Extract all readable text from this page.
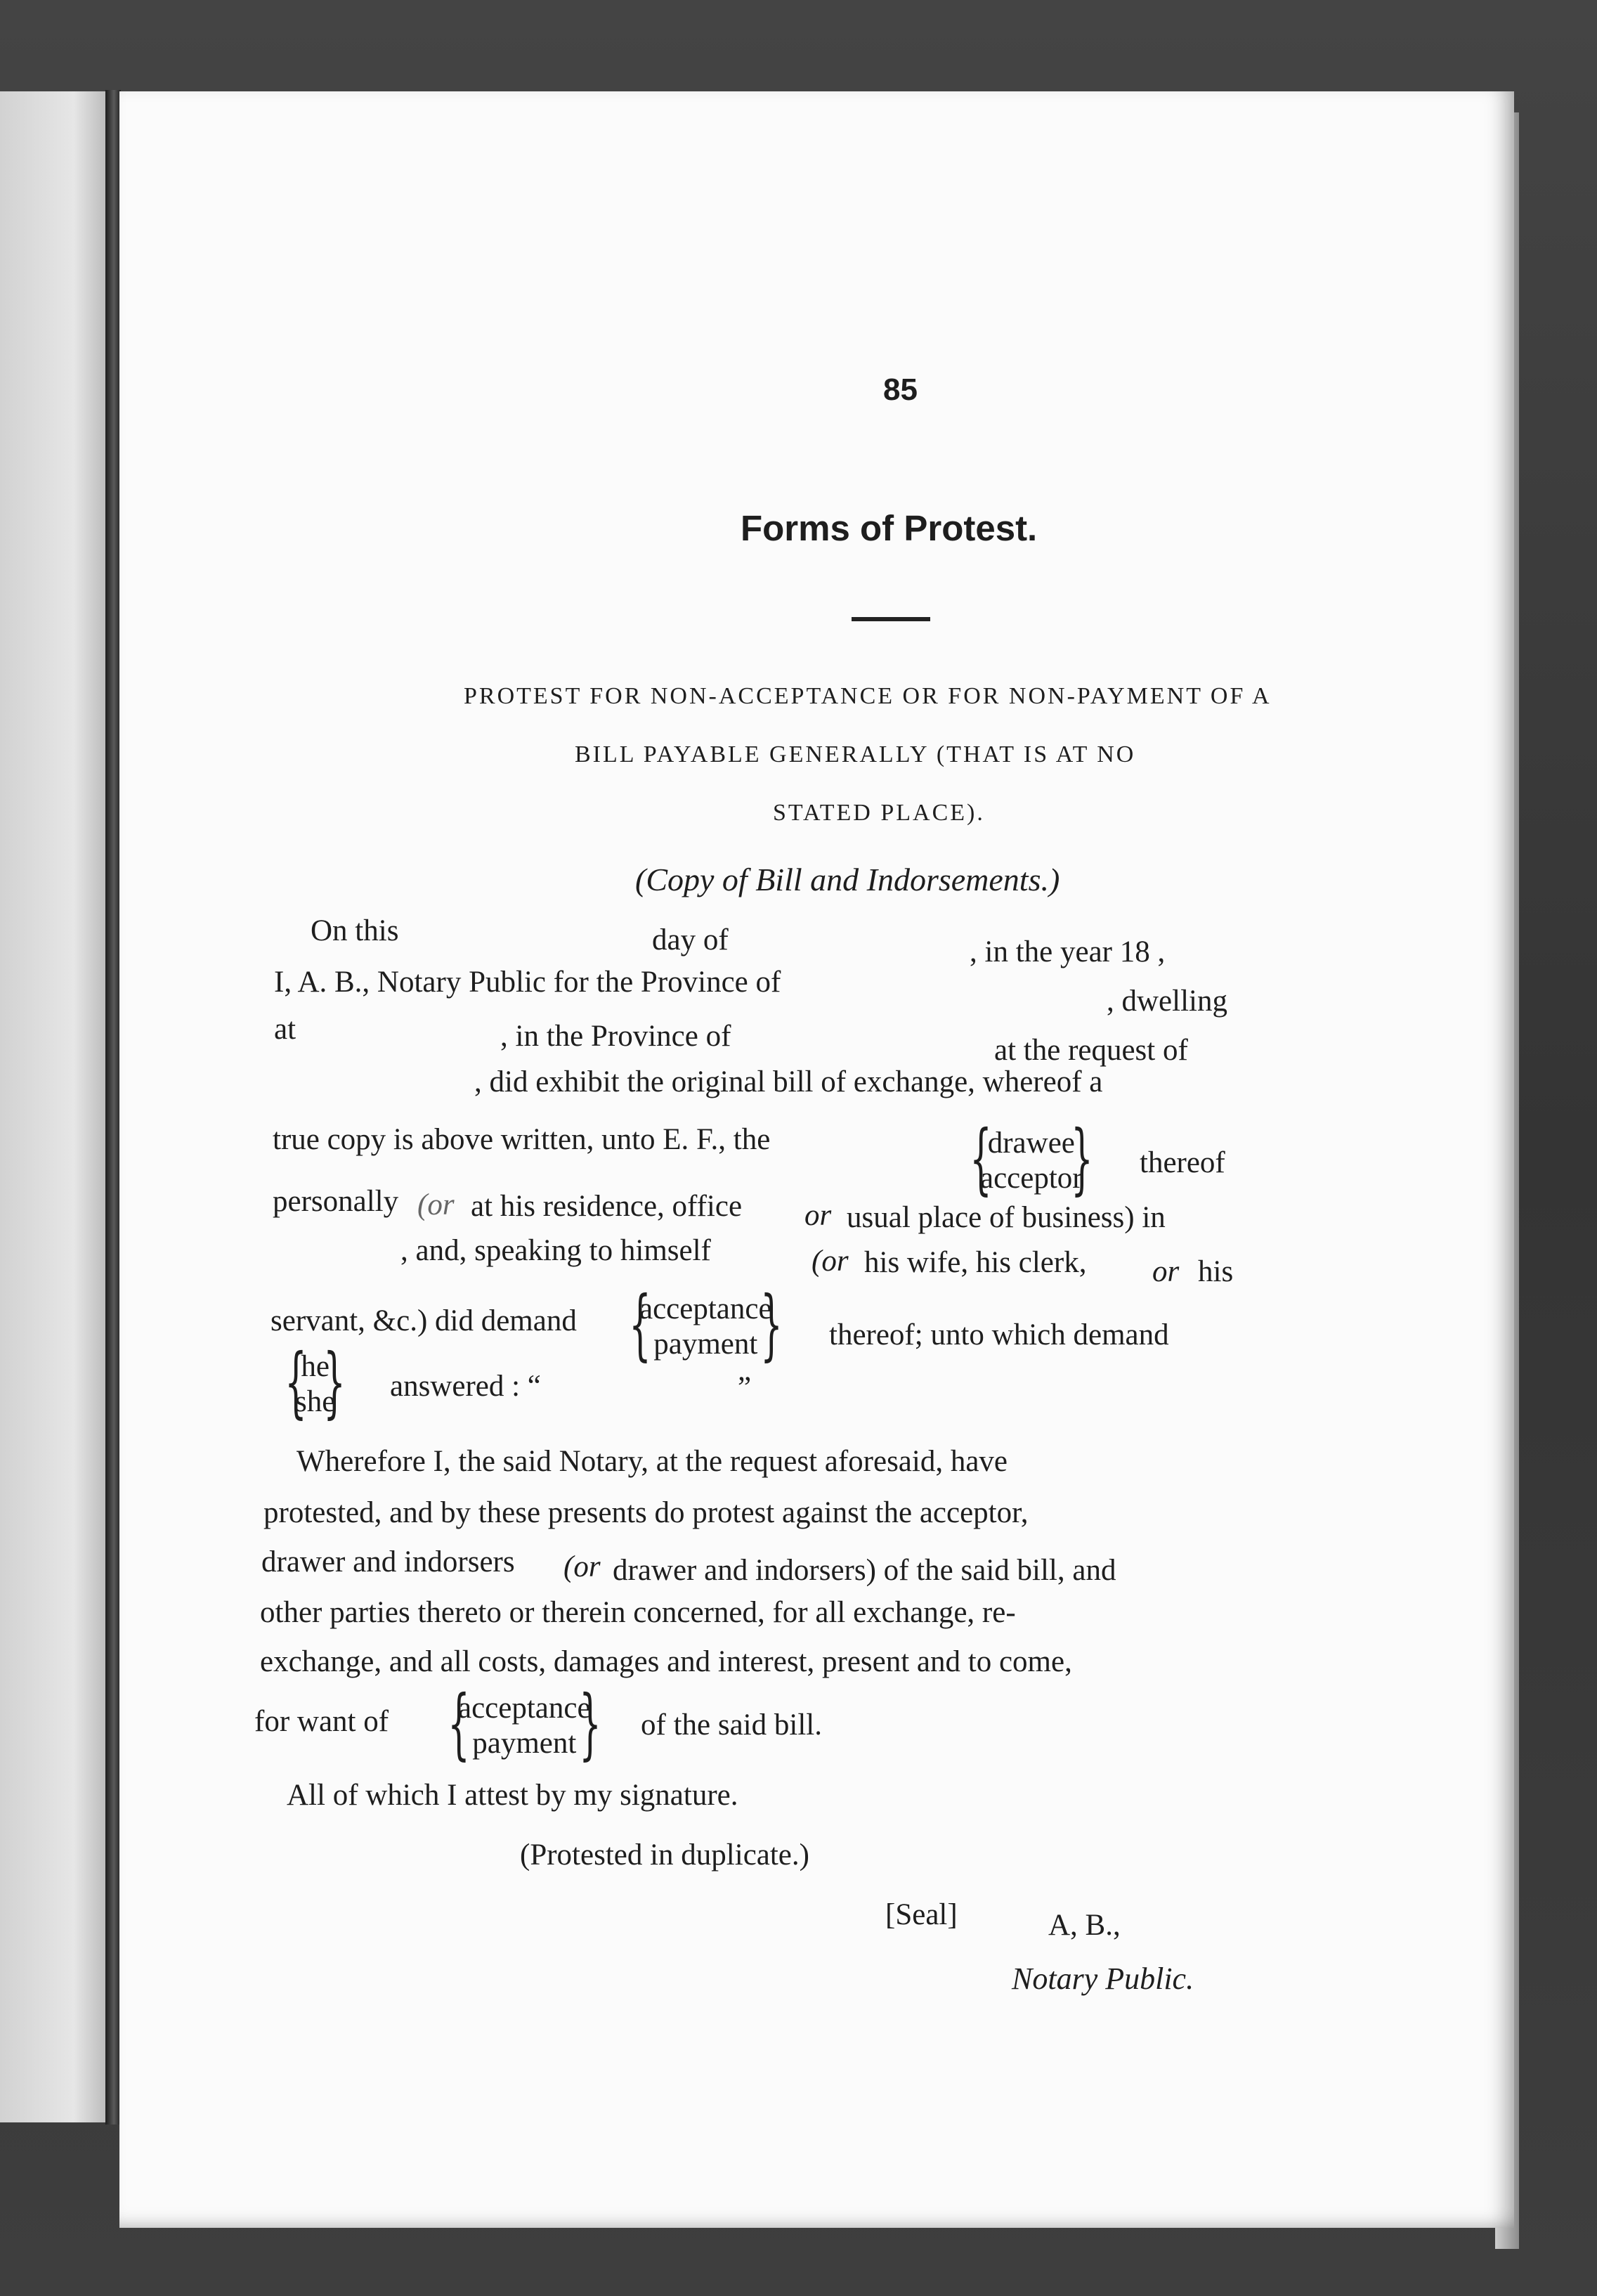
85
Forms of Protest.
PROTEST FOR NON-ACCEPTANCE OR FOR NON-PAYMENT OF A
BILL PAYABLE GENERALLY (THAT IS AT NO
STATED PLACE).
(Copy of Bill and Indorsements.)
On this	day of	, in the year 18 ,
I, A. B., Notary Public for the Province of
, dwelling
at	, in the Province of	at the request of
, did exhibit the original bill of exchange, whereof a
true copy is above written, unto E. F., the	{
drawee
acceptor
} thereof
personally (or at his residence, office or usual place of business) in
, and, speaking to himself	(or his wife, his clerk, or his
servant, &c.) did demand {
acceptance
payment } thereof; unto which demand
{
he
she
} answered : “	”
Wherefore I, the said Notary, at the request aforesaid, have
protested, and by these presents do protest against the acceptor,
drawer and indorsers (or drawer and indorsers) of the said bill, and
other parties thereto or therein concerned, for all exchange, re-
exchange, and all costs, damages and interest, present and to come,
for want of {
acceptance
payment } of the said bill.
All of which I attest by my signature.
(Protested in duplicate.)
[Seal]	A, B.,
Notary Public.
